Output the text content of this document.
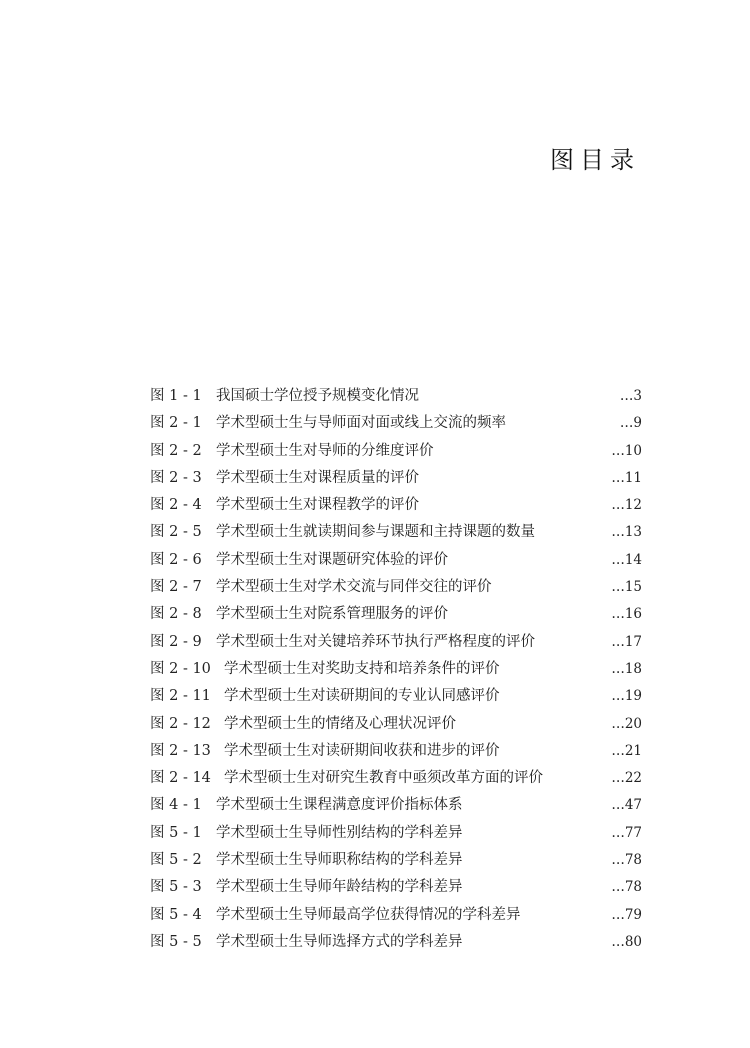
图目录
图 1 - 1 我国硕士学位授予规模变化情况	…3
图 2 - 1 学术型硕士生与导师面对面或线上交流的频率	…9
图 2 - 2 学术型硕士生对导师的分维度评价	…10
图 2 - 3 学术型硕士生对课程质量的评价	…11
图 2 - 4 学术型硕士生对课程教学的评价	…12
图 2 - 5 学术型硕士生就读期间参与课题和主持课题的数量	…13
图 2 - 6 学术型硕士生对课题研究体验的评价	…14
图 2 - 7 学术型硕士生对学术交流与同伴交往的评价	…15
图 2 - 8 学术型硕士生对院系管理服务的评价	…16
图 2 - 9 学术型硕士生对关键培养环节执行严格程度的评价	…17
图 2 - 10 学术型硕士生对奖助支持和培养条件的评价	…18
图 2 - 11 学术型硕士生对读研期间的专业认同感评价	…19
图 2 - 12 学术型硕士生的情绪及心理状况评价	…20
图 2 - 13 学术型硕士生对读研期间收获和进步的评价	…21
图 2 - 14 学术型硕士生对研究生教育中亟须改革方面的评价	…22
图 4 - 1 学术型硕士生课程满意度评价指标体系	…47
图 5 - 1 学术型硕士生导师性别结构的学科差异	…77
图 5 - 2 学术型硕士生导师职称结构的学科差异	…78
图 5 - 3 学术型硕士生导师年龄结构的学科差异	…78
图 5 - 4 学术型硕士生导师最高学位获得情况的学科差异	…79
图 5 - 5 学术型硕士生导师选择方式的学科差异	…80
